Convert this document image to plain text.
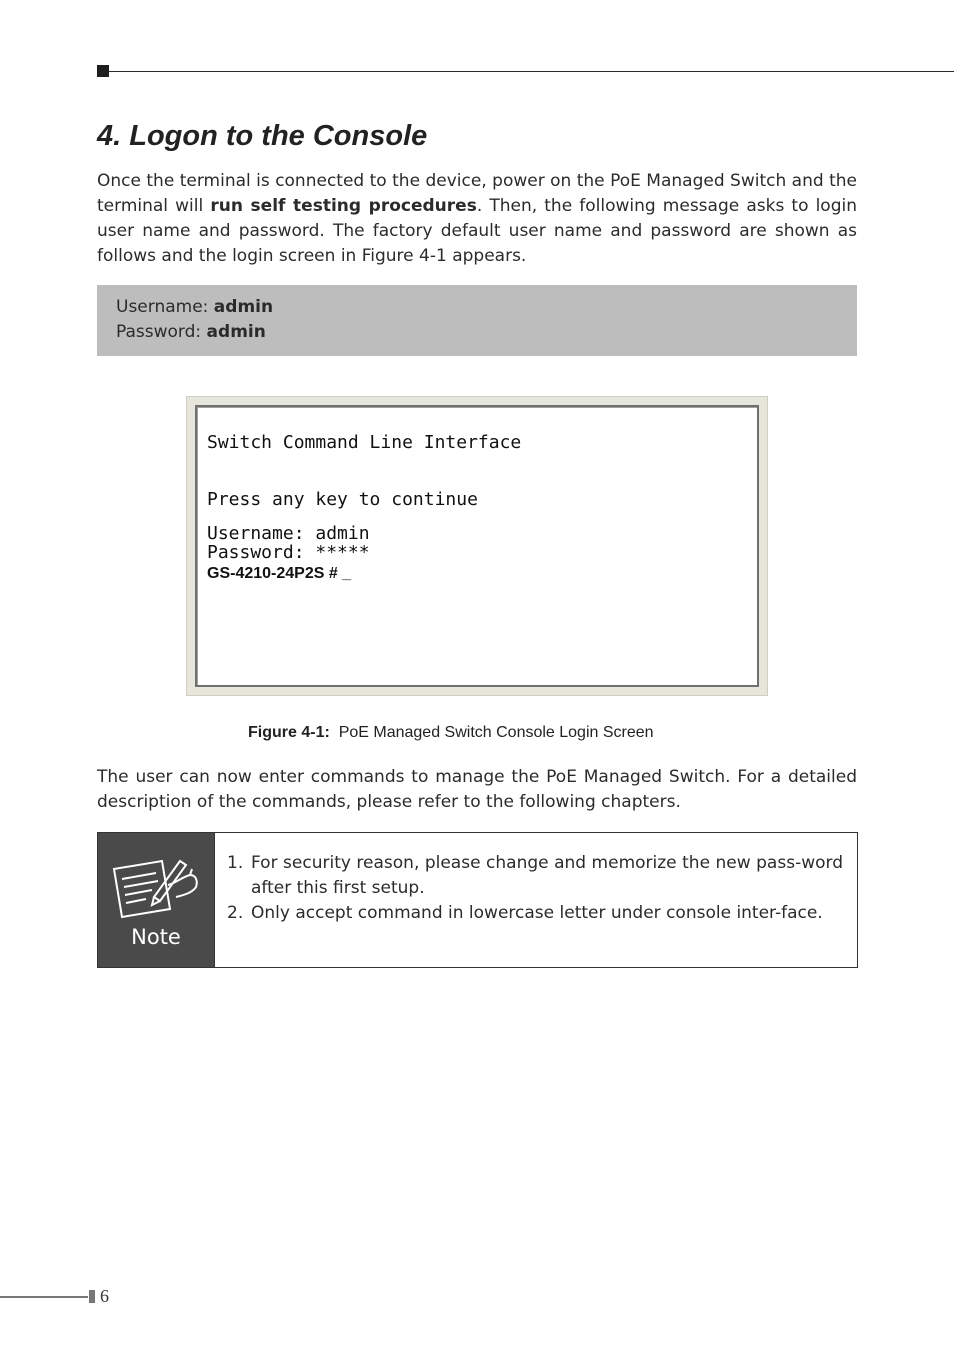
4. Logon to the Console

Once the terminal is connected to the device, power on the PoE Managed Switch and the terminal will run self testing procedures. Then, the following message asks to login user name and password. The factory default user name and password are shown as follows and the login screen in Figure 4-1 appears.

Username: admin
Password: admin

Switch Command Line Interface

Press any key to continue

Username: admin

Password: *****

GS-4210-24P2S # _

Figure 4-1: PoE Managed Switch Console Login Screen

The user can now enter commands to manage the PoE Managed Switch. For a detailed description of the commands, please refer to the following chapters.

Note
1. For security reason, please change and memorize the new pass-word after this first setup.
2. Only accept command in lowercase letter under console inter-face.
6
